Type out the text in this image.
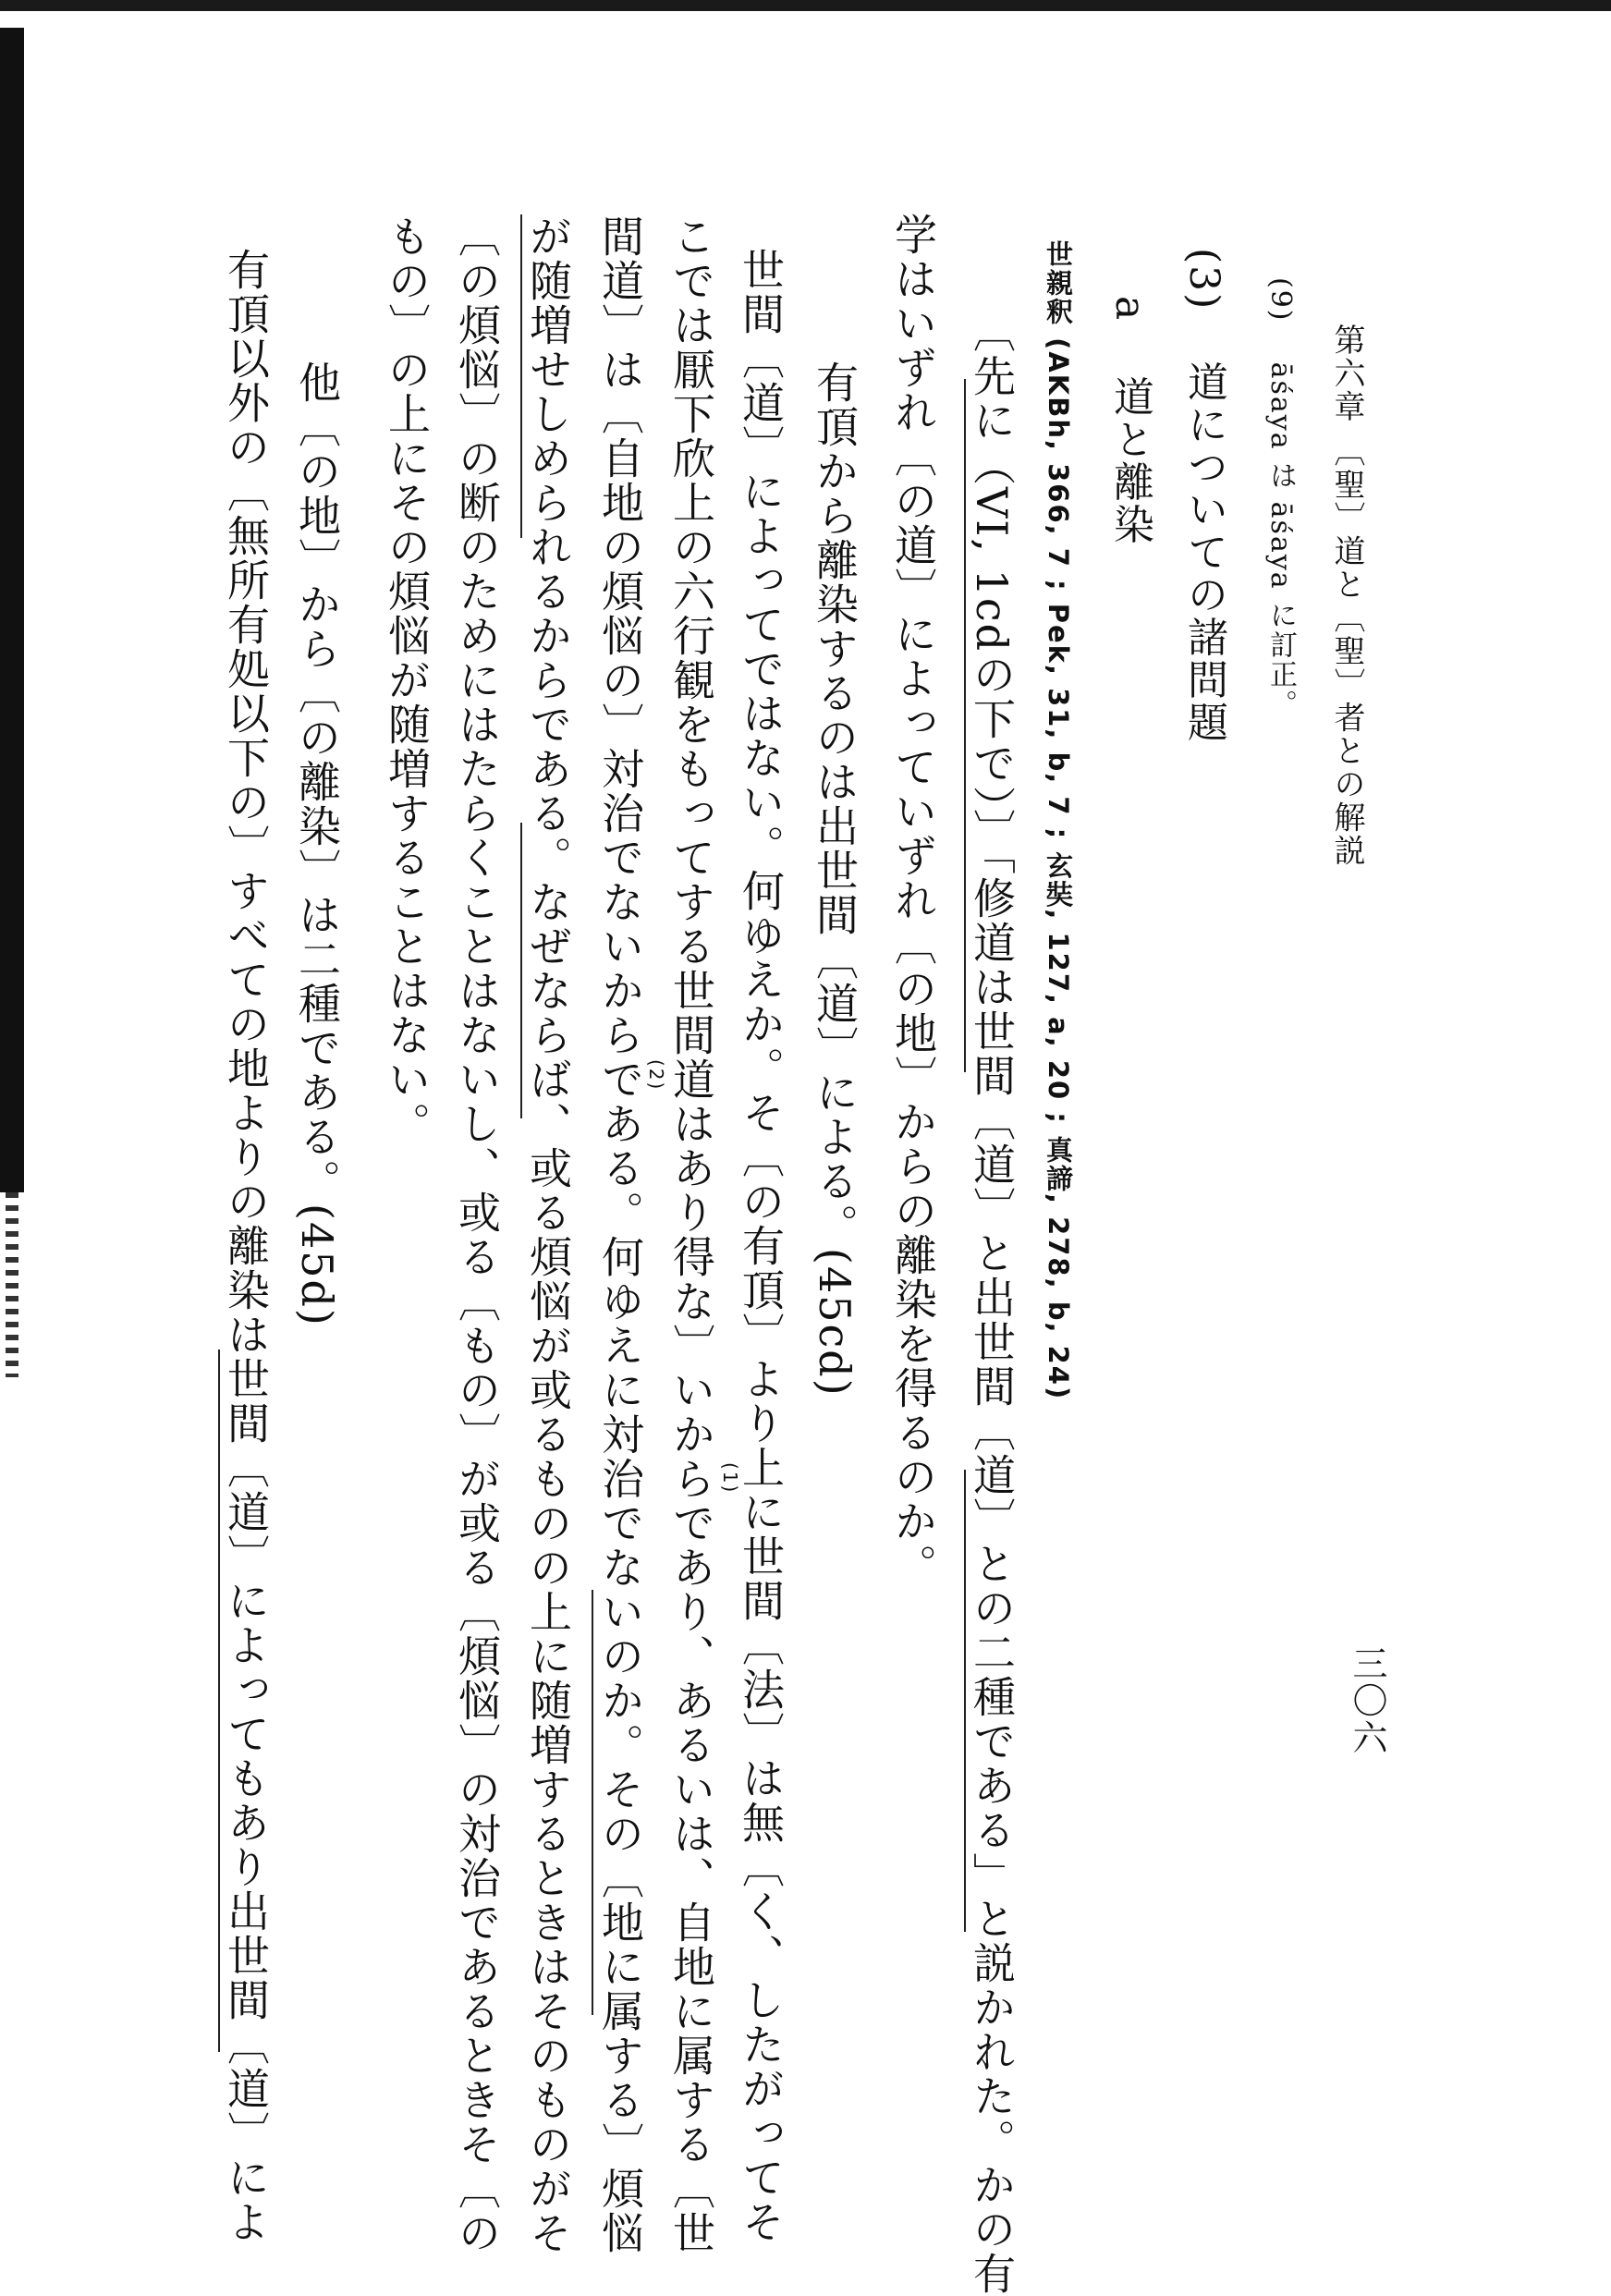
第六章 〔聖〕道と〔聖〕者との解説
三〇六
(9)  āśaya は āśaya に訂正。
(3)  道についての諸問題
a  道と離染
世親釈 (AKBh, 366, 7 ; Pek, 31, b, 7 ; 玄奘, 127, a, 20 ; 真諦, 278, b, 24)
有頂から離染するのは出世間〔道〕による。(45cd)	〔先に（VI, 1cdの下で）〕「修道は世間〔道〕と出世間〔道〕との二種である」と説かれた。かの有
学はいずれ〔の道〕によっていずれ〔の地〕からの離染を得るのか。
世間〔道〕によってではない。何ゆえか。そ〔の有頂〕より上に世間〔法〕は無〔く、したがってそ
こでは厭下欣上の六行観をもってする世間道はあり得な〕いからであり、あるいは、自地に属する〔世
間道〕は〔自地の煩悩の〕対治でないからである。何ゆえに対治でないのか。その〔地に属する〕煩悩
が随増せしめられるからである。なぜならば、或る煩悩が或るものの上に随増するときはそのものがそ
〔の煩悩〕の断のためにはたらくことはないし、或る〔もの〕が或る〔煩悩〕の対治であるときそ〔の
もの〕の上にその煩悩が随増することはない。
(1)
(2)
他〔の地〕から〔の離染〕は二種である。(45d)
有頂以外の〔無所有処以下の〕すべての地よりの離染は世間〔道〕によってもあり出世間〔道〕によ
